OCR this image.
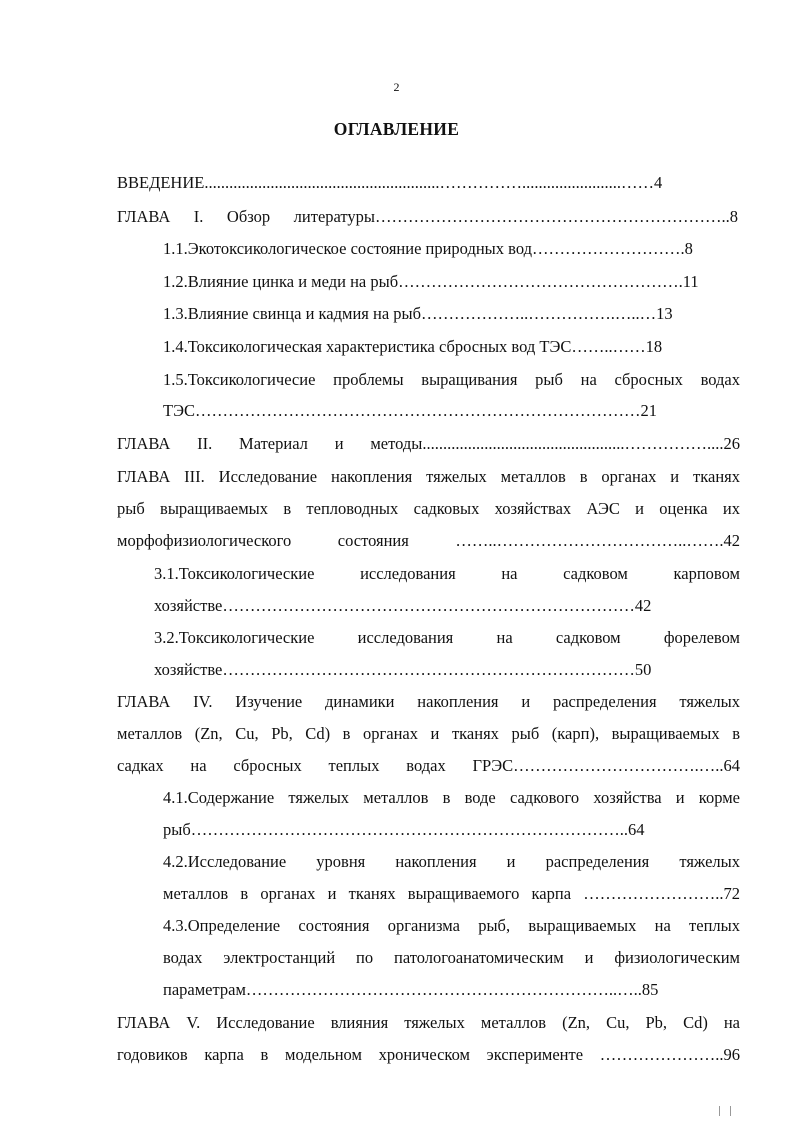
2
ОГЛАВЛЕНИЕ
ВВЕДЕНИЕ.........................................................……………........................……4
ГЛАВА I. Обзор литературы………………………………………………………..8
1.1.Экотоксикологическое состояние природных вод……………………….8
1.2.Влияние цинка и меди на рыб…………………………………………….11
1.3.Влияние свинца и кадмия на рыб………………..…………….…..…13
1.4.Токсикологическая характеристика сбросных вод ТЭС……..……18
1.5.Токсикологичесие проблемы выращивания рыб на сбросных водах
ТЭС………………………………………………………………………21
ГЛАВА II. Материал и методы.................................................……………....26
ГЛАВА III. Исследование накопления тяжелых металлов в органах и тканях
рыб выращиваемых в тепловодных садковых хозяйствах АЭС и оценка их
морфофизиологического состояния ……..……………………………..…….42
3.1.Токсикологические исследования на садковом карповом
хозяйстве…………………………………………………………………42
3.2.Токсикологические исследования на садковом форелевом
хозяйстве…………………………………………………………………50
ГЛАВА IV. Изучение динамики накопления и распределения тяжелых
металлов (Zn, Cu, Pb, Cd) в органах и тканях рыб (карп), выращиваемых в
садках на сбросных теплых водах ГРЭС…………………………….…..64
4.1.Содержание тяжелых металлов в воде садкового хозяйства и корме
рыб……………………………………………………………………..64
4.2.Исследование уровня накопления и распределения тяжелых
металлов в органах и тканях выращиваемого карпа ……………………..72
4.3.Определение состояния организма рыб, выращиваемых на теплых
водах электростанций по патологоанатомическим и физиологическим
параметрам…………………………………………………………..…..85
ГЛАВА V. Исследование влияния тяжелых металлов (Zn, Cu, Pb, Cd) на
годовиков карпа в модельном хроническом эксперименте …………………..96
